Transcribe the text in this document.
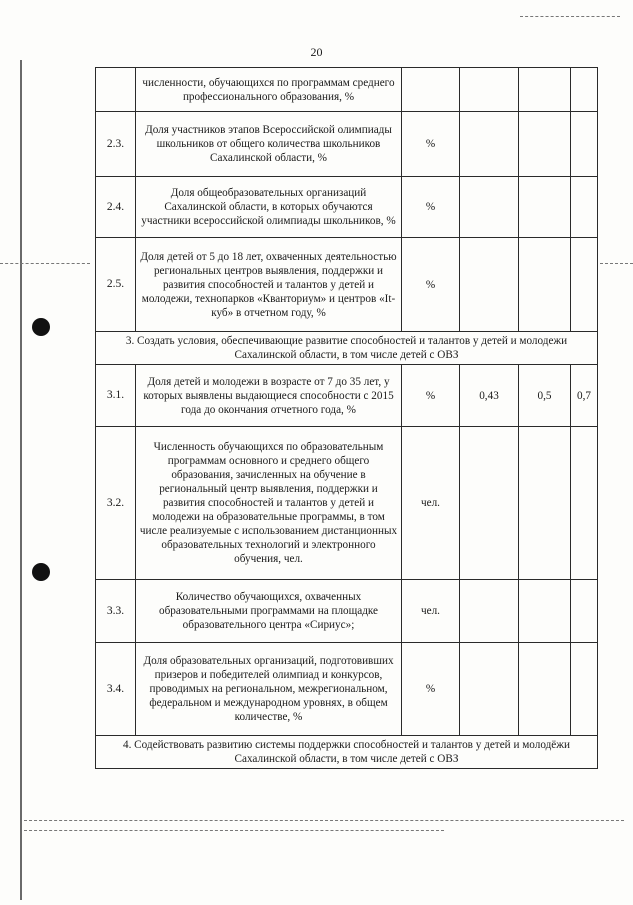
20
	численности, обучающихся по программам среднего профессионального образования, %				
2.3.	Доля участников этапов Всероссийской олимпиады школьников от общего количества школьников Сахалинской области, %	%			
2.4.	Доля общеобразовательных организаций Сахалинской области, в которых обучаются участники всероссийской олимпиады школьников, %	%			
2.5.	Доля детей от 5 до 18 лет, охваченных деятельностью региональных центров выявления, поддержки и развития способностей и талантов у детей и молодежи, технопарков «Кванториум» и центров «It-куб» в отчетном году, %	%			
3. Создать условия, обеспечивающие развитие способностей и талантов у детей и молодежи Сахалинской области, в том числе детей с ОВЗ					
3.1.	Доля детей и молодежи в возрасте от 7 до 35 лет, у которых выявлены выдающиеся способности с 2015 года до окончания отчетного года, %	%	0,43	0,5	0,7
3.2.	Численность обучающихся по образовательным программам основного и среднего общего образования, зачисленных на обучение в региональный центр выявления, поддержки и развития способностей и талантов у детей и молодежи на образовательные программы, в том числе реализуемые с использованием дистанционных образовательных технологий и электронного обучения, чел.	чел.			
3.3.	Количество обучающихся, охваченных образовательными программами на площадке образовательного центра «Сириус»;	чел.			
3.4.	Доля образовательных организаций, подготовивших призеров и победителей олимпиад и конкурсов, проводимых на региональном, межрегиональном, федеральном и международном уровнях, в общем количестве, %	%			
4. Содействовать развитию системы поддержки способностей и талантов у детей и молодёжи Сахалинской области, в том числе детей с ОВЗ					
